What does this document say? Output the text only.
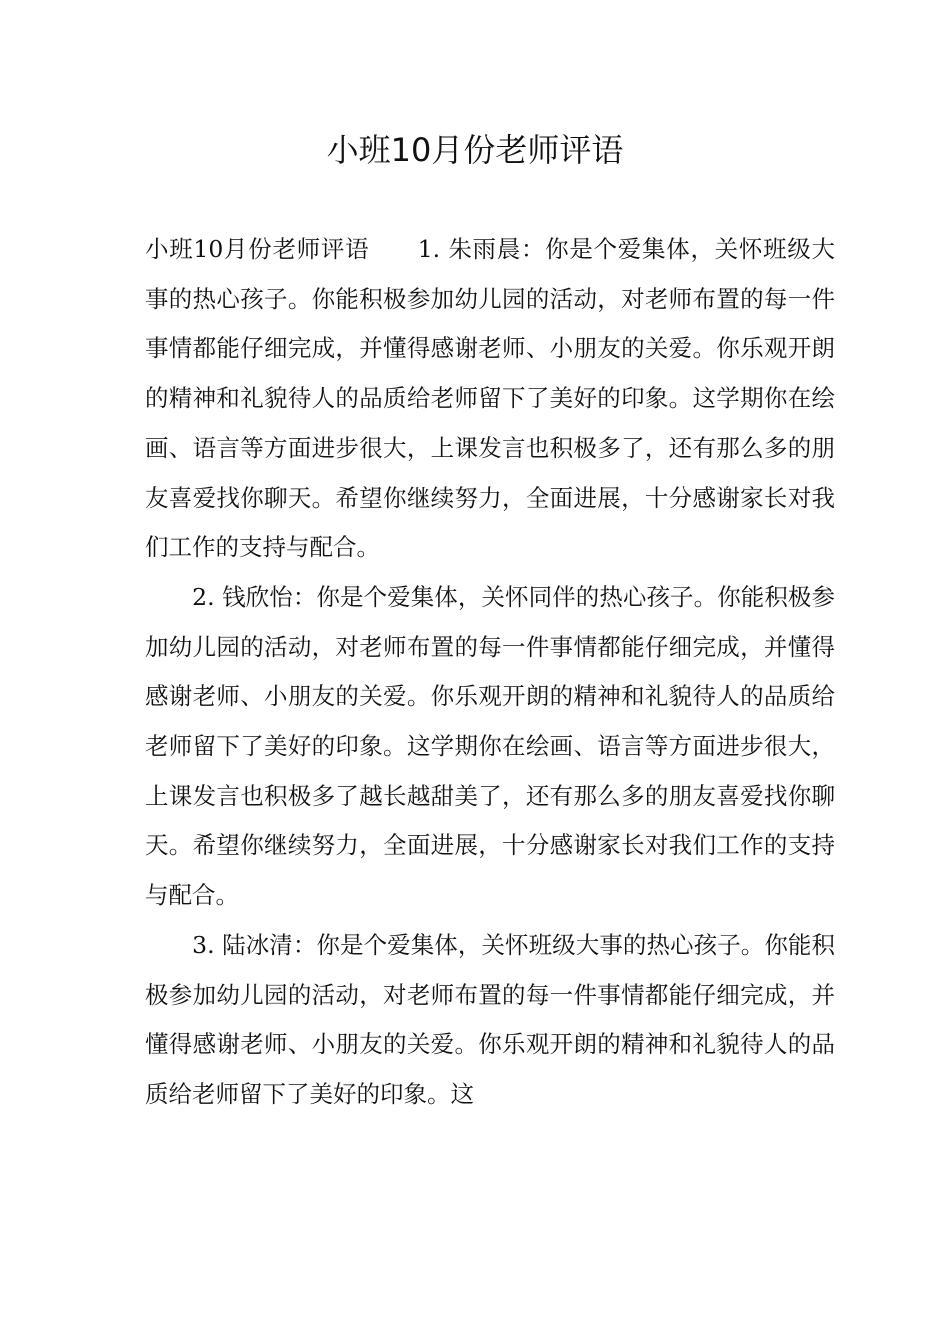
小班10月份老师评语

小班10月份老师评语　　1. 朱雨晨：你是个爱集体，关怀班级大事的热心孩子。你能积极参加幼儿园的活动，对老师布置的每一件事情都能仔细完成，并懂得感谢老师、小朋友的关爱。你乐观开朗的精神和礼貌待人的品质给老师留下了美好的印象。这学期你在绘画、语言等方面进步很大，上课发言也积极多了，还有那么多的朋友喜爱找你聊天。希望你继续努力，全面进展，十分感谢家长对我们工作的支持与配合。

　　2. 钱欣怡：你是个爱集体，关怀同伴的热心孩子。你能积极参加幼儿园的活动，对老师布置的每一件事情都能仔细完成，并懂得感谢老师、小朋友的关爱。你乐观开朗的精神和礼貌待人的品质给老师留下了美好的印象。这学期你在绘画、语言等方面进步很大，上课发言也积极多了越长越甜美了，还有那么多的朋友喜爱找你聊天。希望你继续努力，全面进展，十分感谢家长对我们工作的支持与配合。

　　3. 陆冰清：你是个爱集体，关怀班级大事的热心孩子。你能积极参加幼儿园的活动，对老师布置的每一件事情都能仔细完成，并懂得感谢老师、小朋友的关爱。你乐观开朗的精神和礼貌待人的品质给老师留下了美好的印象。这
